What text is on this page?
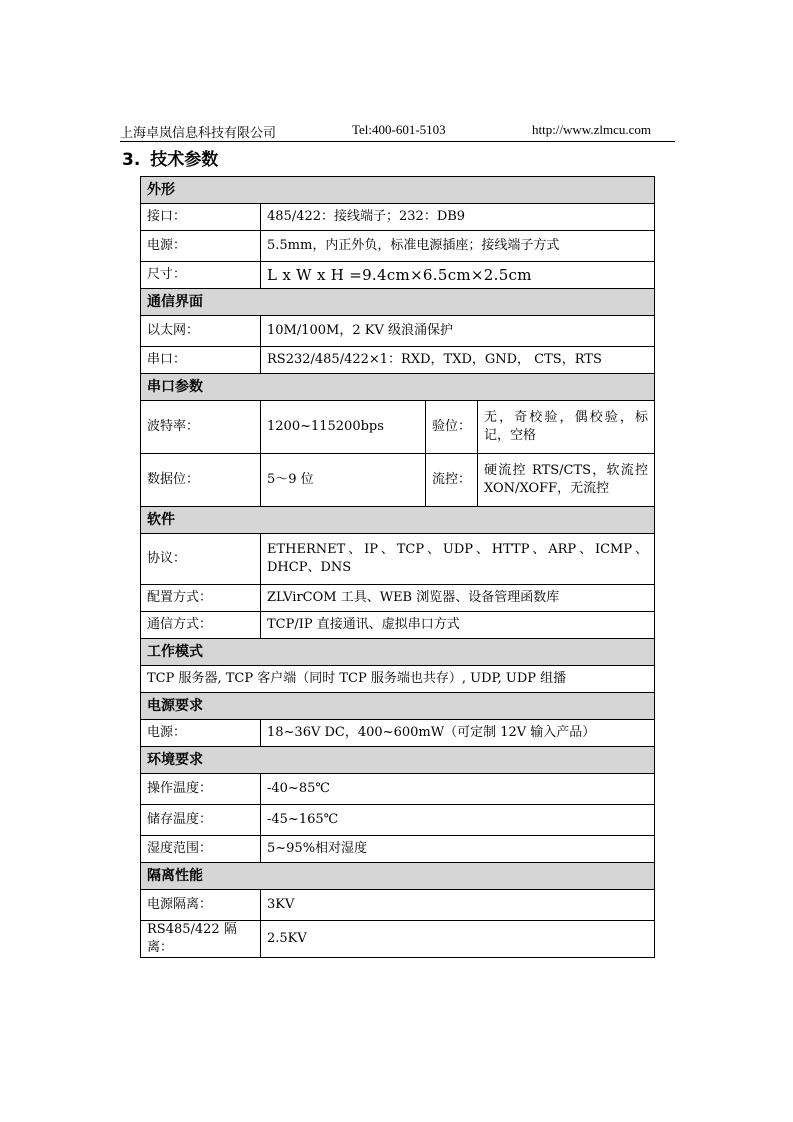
上海卓岚信息科技有限公司	Tel:400-601-5103	http://www.zlmcu.com
3. 技术参数
外形			
接口：	485/422：接线端子；232：DB9		
电源：	5.5mm，内正外负，标准电源插座；接线端子方式		
尺寸：	L x W x H =9.4cm×6.5cm×2.5cm		
通信界面			
以太网：	10M/100M，2 KV 级浪涌保护		
串口：	RS232/485/422×1：RXD，TXD，GND， CTS，RTS		
串口参数			
波特率：	1200~115200bps	验位：	无，奇校验，偶校验，标记，空格
数据位：	5～9 位	流控：	硬流控 RTS/CTS，软流控 XON/XOFF，无流控
软件			
协议：	ETHERNET、IP、TCP、UDP、HTTP、ARP、ICMP、DHCP、DNS		
配置方式：	ZLVirCOM 工具、WEB 浏览器、设备管理函数库		
通信方式：	TCP/IP 直接通讯、虚拟串口方式		
工作模式			
TCP 服务器, TCP 客户端（同时 TCP 服务端也共存）, UDP, UDP 组播			
电源要求			
电源：	18~36V DC，400~600mW（可定制 12V 输入产品）		
环境要求			
操作温度：	-40~85℃		
储存温度：	-45~165℃		
湿度范围：	5~95%相对湿度		
隔离性能			
电源隔离：	3KV		
RS485/422 隔离：	2.5KV		
